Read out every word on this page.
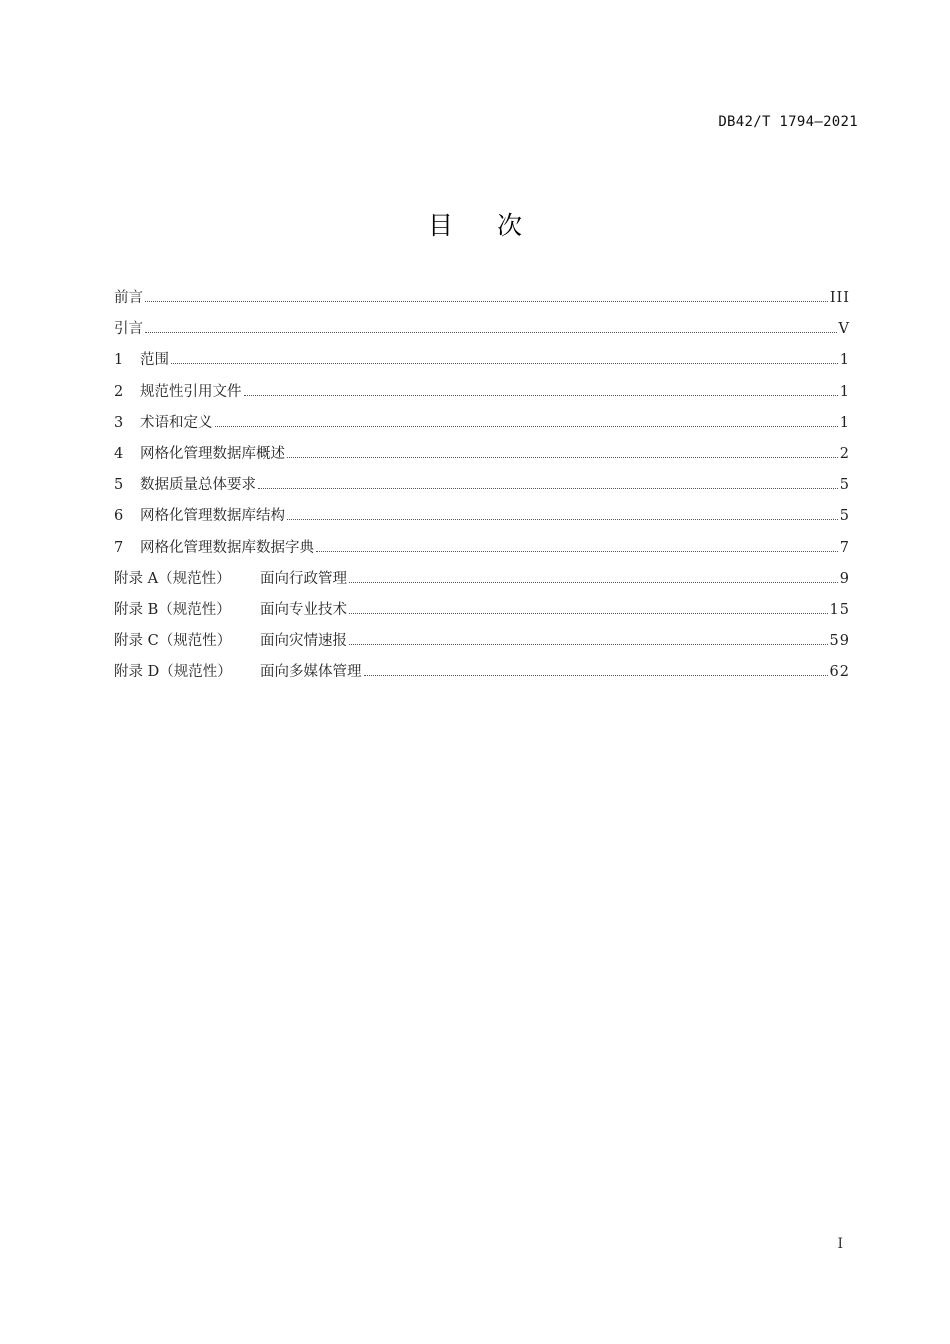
DB42/T 1794—2021
目 次
前言	III
引言	V
1	范围	1
2	规范性引用文件	1
3	术语和定义	1
4	网格化管理数据库概述	2
5	数据质量总体要求	5
6	网格化管理数据库结构	5
7	网格化管理数据库数据字典	7
附录 A（规范性）	面向行政管理	9
附录 B（规范性）	面向专业技术	15
附录 C（规范性）	面向灾情速报	59
附录 D（规范性）	面向多媒体管理	62
I
